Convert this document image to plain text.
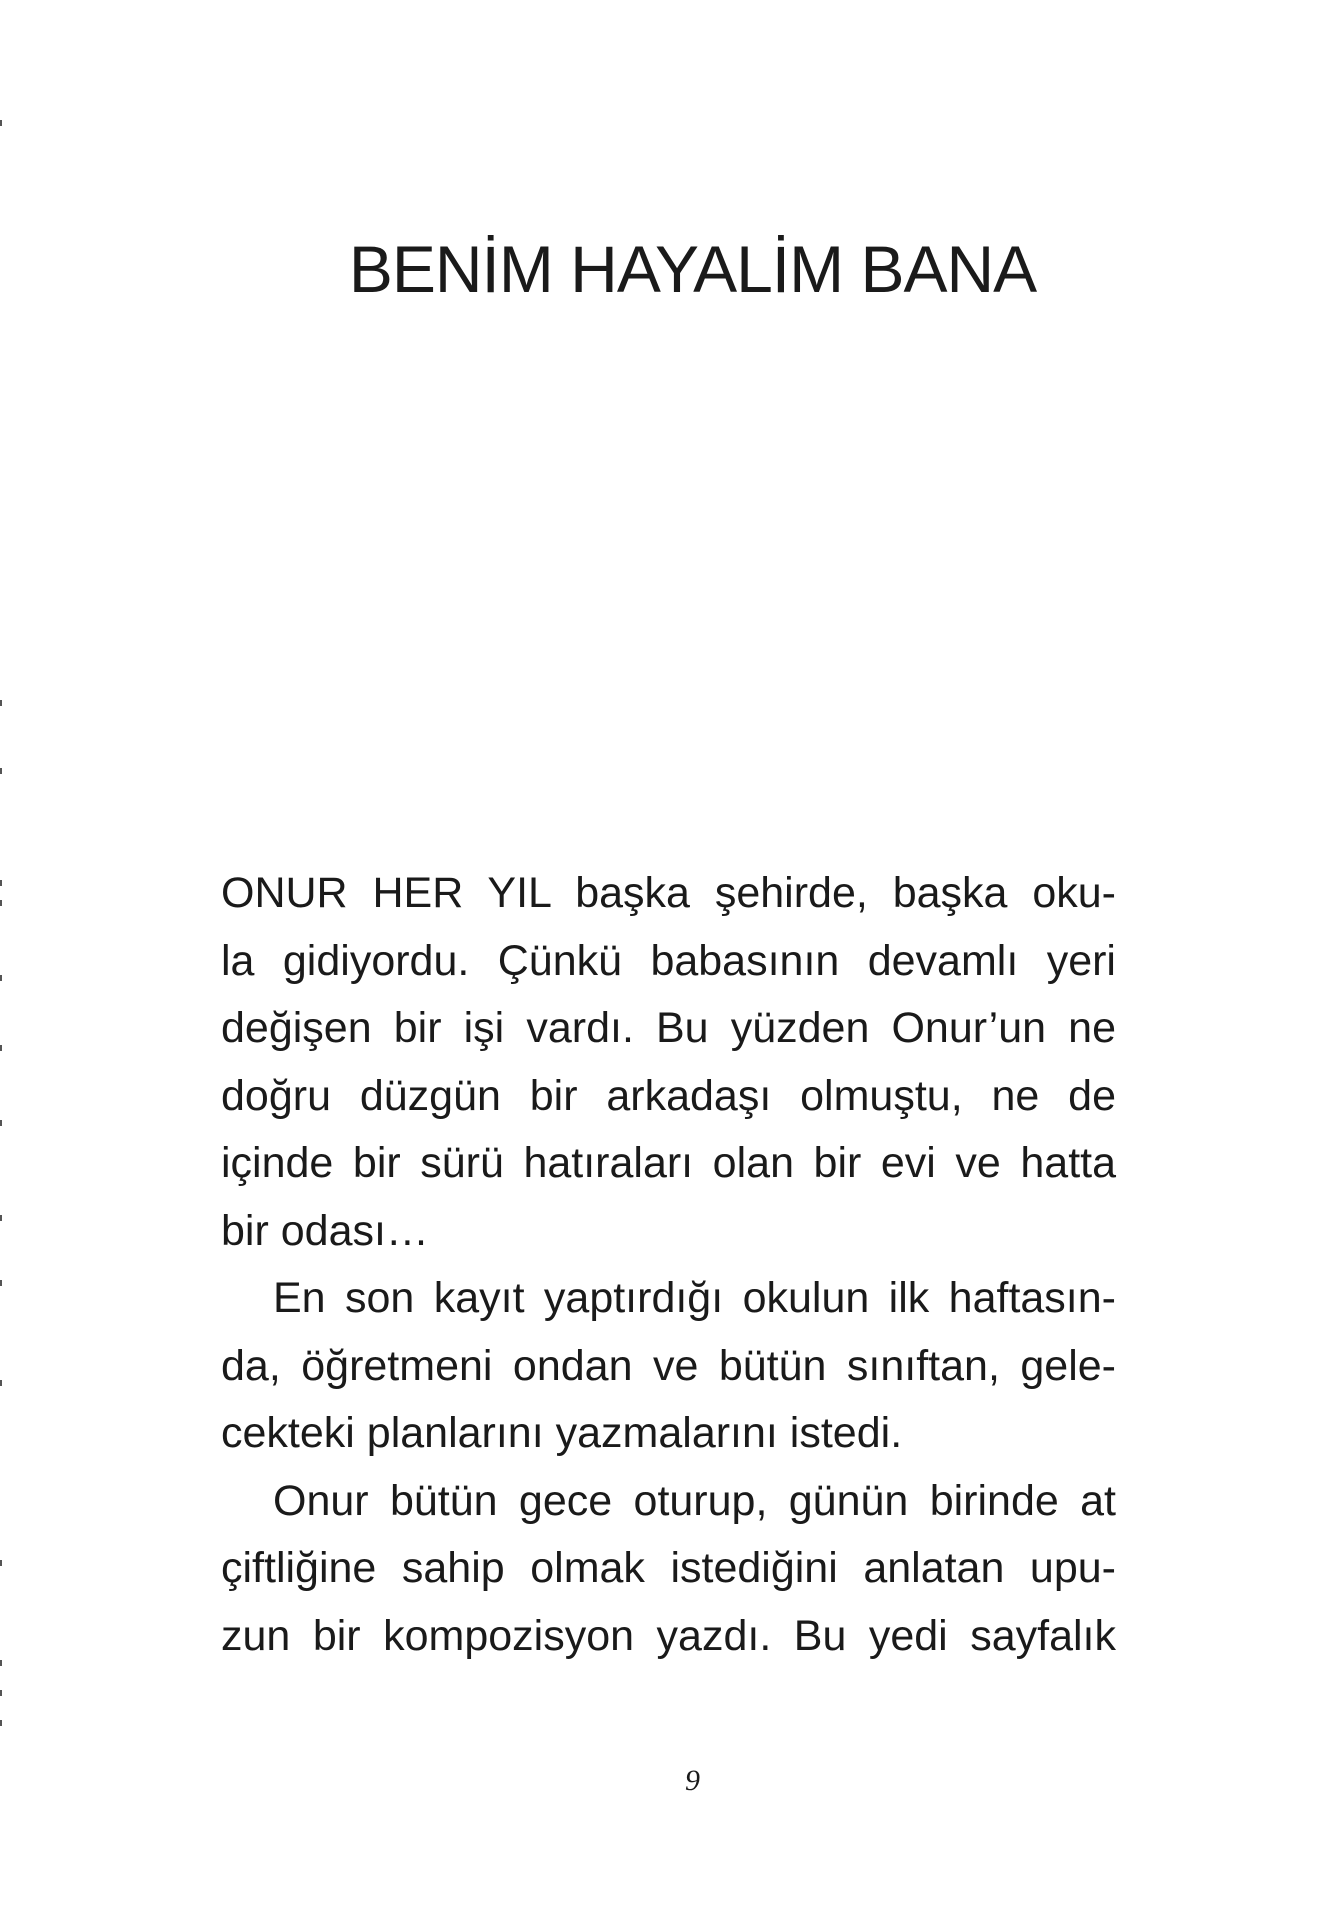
BENİM HAYALİM BANA
ONUR HER YIL başka şehirde, başka oku-
la gidiyordu. Çünkü babasının devamlı yeri
değişen bir işi vardı. Bu yüzden Onur’un ne
doğru düzgün bir arkadaşı olmuştu, ne de
içinde bir sürü hatıraları olan bir evi ve hatta
bir odası…
En son kayıt yaptırdığı okulun ilk haftasın-
da, öğretmeni ondan ve bütün sınıftan, gele-
cekteki planlarını yazmalarını istedi.
Onur bütün gece oturup, günün birinde at
çiftliğine sahip olmak istediğini anlatan upu-
zun bir kompozisyon yazdı. Bu yedi sayfalık
9
